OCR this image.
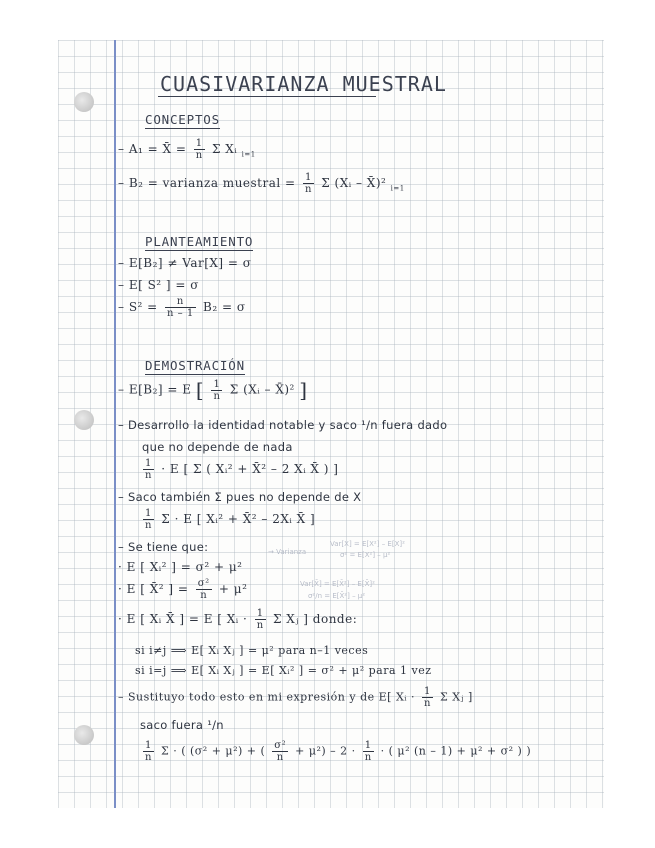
CUASIVARIANZA MUESTRAL
CONCEPTOS
– A₁ = X̄ = $\frac{1}{n}$ Σ Xᵢ $_{i=1}$
– B₂ = varianza muestral = $\frac{1}{n}$ Σ (Xᵢ – X̄)² $_{i=1}$
PLANTEAMIENTO
– E[B₂] ≠ Var[X] = σ
– E[ S² ] = σ
– $S^2 = \frac{n}{n - 1} B_2 = \sigma$
DEMOSTRACIÓN
– E[B₂] = E [ $\frac{1}{n}$ Σ (Xᵢ – X̄)² ]
– Desarrollo la identidad notable y saco ¹/n fuera dado
que no depende de nada
$\frac{1}{n} \cdot E$ [ Σ ( Xᵢ² + X̄² – 2 Xᵢ X̄ ) ]
– Saco también Σ pues no depende de X
$\frac{1}{n}$ Σ · E [ Xᵢ² + X̄² – 2Xᵢ X̄ ]
– Se tiene que:
· E [ Xᵢ² ] = σ² + μ²
· E [ X̄² ] = $\frac{\text{σ²}}{n} + \mu^2$
· E [ Xᵢ X̄ ] = E [ Xᵢ · $\frac{1}{n}$ Σ Xⱼ ] donde:
si i≠j ⟹ E[ Xᵢ Xⱼ ] = μ² para n–1 veces
si i=j ⟹ E[ Xᵢ Xⱼ ] = E[ Xᵢ² ] = σ² + μ² para 1 vez
– Sustituyo todo esto en mi expresión y de E[ Xᵢ · $\frac{1}{n}$ Σ Xⱼ ]
saco fuera ¹/n
$\frac{1}{n}$ Σ · ( (σ² + μ²) + ( $\frac{\text{σ²}}{n} + \mu^2) - 2 \cdot \frac{1}{n}$ · ( μ² (n – 1) + μ² + σ² ) )
→ Varianza
Var[X] = E[X²] – E[X]²
σ² = E[X²] – μ²
Var[X̄] = E[X̄²] – E[X̄]²
σ²/n = E[X̄²] – μ²
